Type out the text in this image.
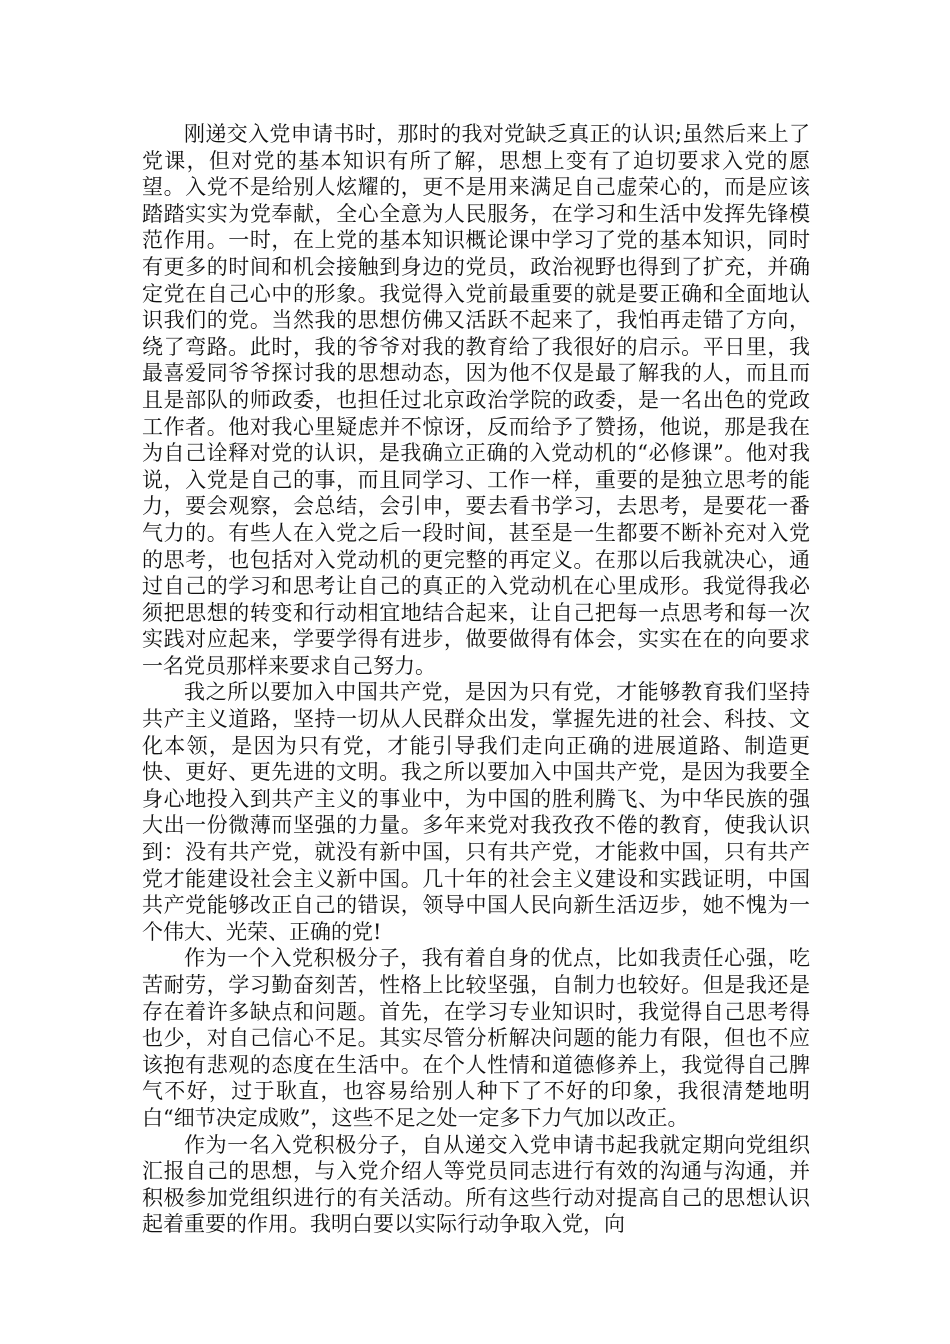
刚递交入党申请书时，那时的我对党缺乏真正的认识;虽然后来上了党课，但对党的基本知识有所了解，思想上变有了迫切要求入党的愿望。入党不是给别人炫耀的，更不是用来满足自己虚荣心的，而是应该踏踏实实为党奉献，全心全意为人民服务，在学习和生活中发挥先锋模范作用。一时，在上党的基本知识概论课中学习了党的基本知识，同时有更多的时间和机会接触到身边的党员，政治视野也得到了扩充，并确定党在自己心中的形象。我觉得入党前最重要的就是要正确和全面地认识我们的党。当然我的思想仿佛又活跃不起来了，我怕再走错了方向，绕了弯路。此时，我的爷爷对我的教育给了我很好的启示。平日里，我最喜爱同爷爷探讨我的思想动态，因为他不仅是最了解我的人，而且而且是部队的师政委，也担任过北京政治学院的政委，是一名出色的党政工作者。他对我心里疑虑并不惊讶，反而给予了赞扬，他说，那是我在为自己诠释对党的认识，是我确立正确的入党动机的“必修课”。他对我说，入党是自己的事，而且同学习、工作一样，重要的是独立思考的能力，要会观察，会总结，会引申，要去看书学习，去思考，是要花一番气力的。有些人在入党之后一段时间，甚至是一生都要不断补充对入党的思考，也包括对入党动机的更完整的再定义。在那以后我就决心，通过自己的学习和思考让自己的真正的入党动机在心里成形。我觉得我必须把思想的转变和行动相宜地结合起来，让自己把每一点思考和每一次实践对应起来，学要学得有进步，做要做得有体会，实实在在的向要求一名党员那样来要求自己努力。

我之所以要加入中国共产党，是因为只有党，才能够教育我们坚持共产主义道路，坚持一切从人民群众出发，掌握先进的社会、科技、文化本领，是因为只有党，才能引导我们走向正确的进展道路、制造更快、更好、更先进的文明。我之所以要加入中国共产党，是因为我要全身心地投入到共产主义的事业中，为中国的胜利腾飞、为中华民族的强大出一份微薄而坚强的力量。多年来党对我孜孜不倦的教育，使我认识到：没有共产党，就没有新中国，只有共产党，才能救中国，只有共产党才能建设社会主义新中国。几十年的社会主义建设和实践证明，中国共产党能够改正自己的错误，领导中国人民向新生活迈步，她不愧为一个伟大、光荣、正确的党!

作为一个入党积极分子，我有着自身的优点，比如我责任心强，吃苦耐劳，学习勤奋刻苦，性格上比较坚强，自制力也较好。但是我还是存在着许多缺点和问题。首先，在学习专业知识时，我觉得自己思考得也少，对自己信心不足。其实尽管分析解决问题的能力有限，但也不应该抱有悲观的态度在生活中。在个人性情和道德修养上，我觉得自己脾气不好，过于耿直，也容易给别人种下了不好的印象，我很清楚地明白“细节决定成败”，这些不足之处一定多下力气加以改正。

作为一名入党积极分子，自从递交入党申请书起我就定期向党组织汇报自己的思想，与入党介绍人等党员同志进行有效的沟通与沟通，并积极参加党组织进行的有关活动。所有这些行动对提高自己的思想认识起着重要的作用。我明白要以实际行动争取入党，向
